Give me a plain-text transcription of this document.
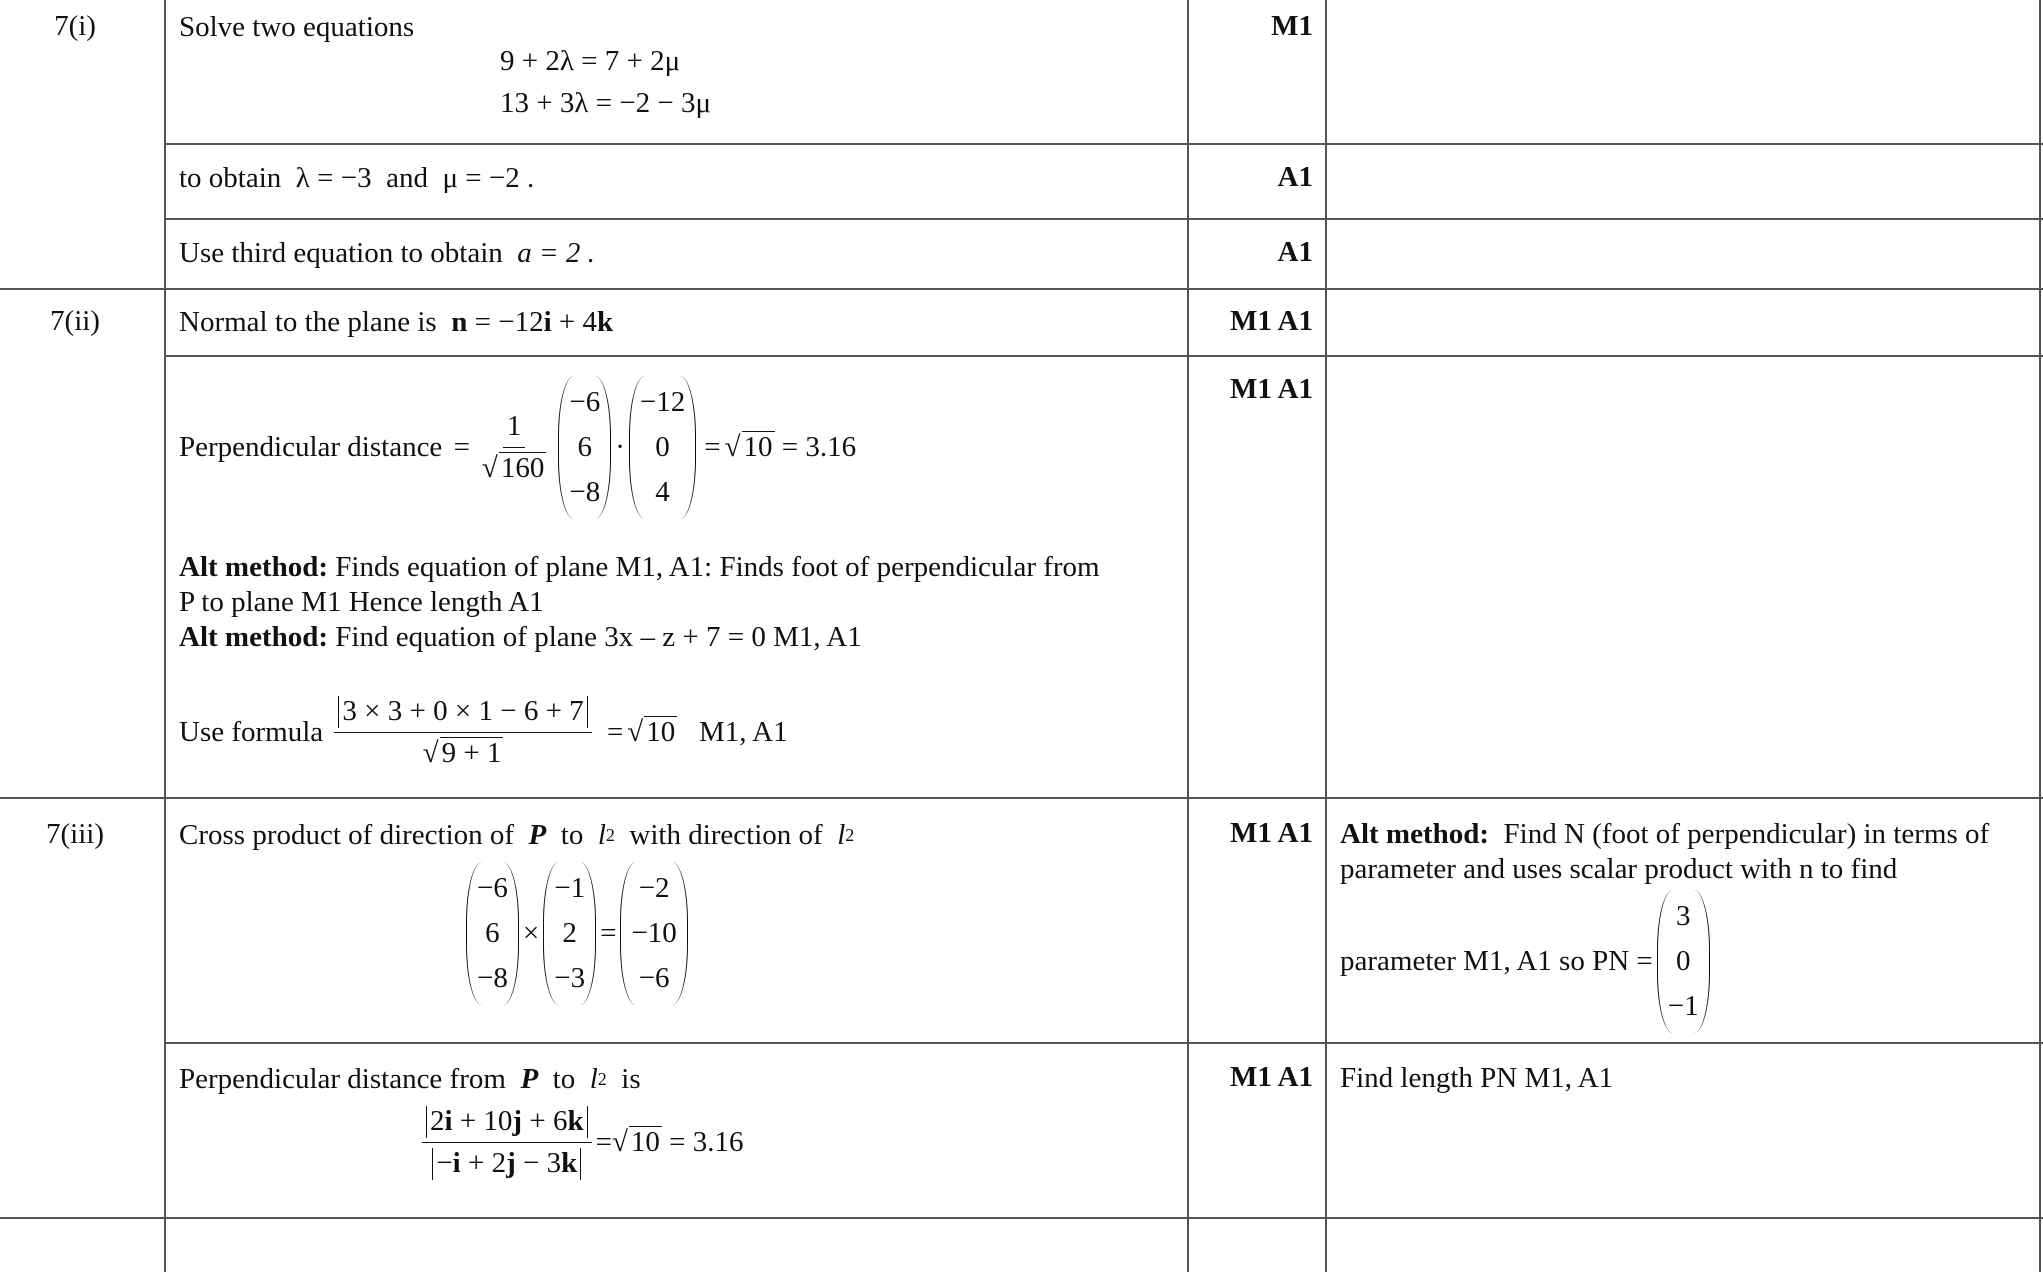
7(i)
7(ii)
7(iii)
M1
A1
A1
M1 A1
M1 A1
M1 A1
M1 A1
Solve two equations
9 + 2λ = 7 + 2μ
13 + 3λ = −2 − 3μ
to obtain
λ = −3
and
μ = −2 .
Use third equation to obtain
a = 2 .
Normal to the plane is
n
= −12 i
+ 4 k
Perpendicular distance
= $\frac{1}{√ 160}$
−6
6
−8
·
−12
0
4
= √ 10
= 3.16
Alt method: Finds equation of plane M1, A1: Finds foot of perpendicular from
P to plane M1 Hence length A1
Alt method: Find equation of plane 3x – z + 7 = 0 M1, A1
Use formula
$\frac{3 \times 3 + 0 \times 1 - 6 + 7}{√ 9 + 1}$
= √ 10
M1, A1
Cross product of direction of
P
to
l 2
with direction of
l 2
−6
6
−8
×
−1
2
−3
=
−2
−10
−6
Alt method: Find N (foot of perpendicular) in terms of
parameter and uses scalar product with n to find
parameter M1, A1 so PN =
3
0
−1
Perpendicular distance from
P
to
l 2
is
$\frac{2i + 10j + 6k}{-i + 2j - 3k}$ = √ 10
= 3.16
Find length PN M1, A1
